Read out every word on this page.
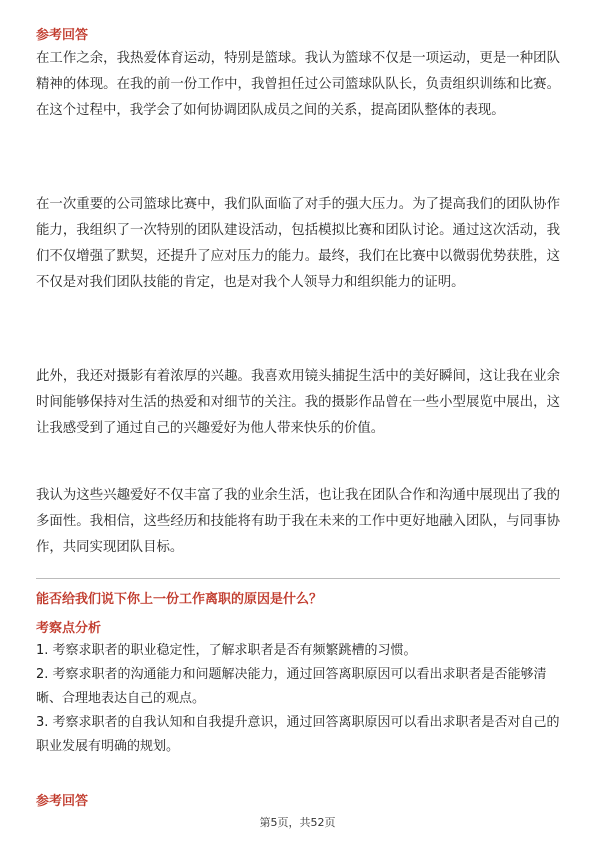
参考回答

在工作之余，我热爱体育运动，特别是篮球。我认为篮球不仅是一项运动，更是一种团队精神的体现。在我的前一份工作中，我曾担任过公司篮球队队长，负责组织训练和比赛。在这个过程中，我学会了如何协调团队成员之间的关系，提高团队整体的表现。

在一次重要的公司篮球比赛中，我们队面临了对手的强大压力。为了提高我们的团队协作能力，我组织了一次特别的团队建设活动，包括模拟比赛和团队讨论。通过这次活动，我们不仅增强了默契，还提升了应对压力的能力。最终，我们在比赛中以微弱优势获胜，这不仅是对我们团队技能的肯定，也是对我个人领导力和组织能力的证明。

此外，我还对摄影有着浓厚的兴趣。我喜欢用镜头捕捉生活中的美好瞬间，这让我在业余时间能够保持对生活的热爱和对细节的关注。我的摄影作品曾在一些小型展览中展出，这让我感受到了通过自己的兴趣爱好为他人带来快乐的价值。

我认为这些兴趣爱好不仅丰富了我的业余生活，也让我在团队合作和沟通中展现出了我的多面性。我相信，这些经历和技能将有助于我在未来的工作中更好地融入团队，与同事协作，共同实现团队目标。

能否给我们说下你上一份工作离职的原因是什么？
考察点分析
1. 考察求职者的职业稳定性，了解求职者是否有频繁跳槽的习惯。
2. 考察求职者的沟通能力和问题解决能力，通过回答离职原因可以看出求职者是否能够清晰、合理地表达自己的观点。
3. 考察求职者的自我认知和自我提升意识，通过回答离职原因可以看出求职者是否对自己的职业发展有明确的规划。
参考回答
第5页，共52页
